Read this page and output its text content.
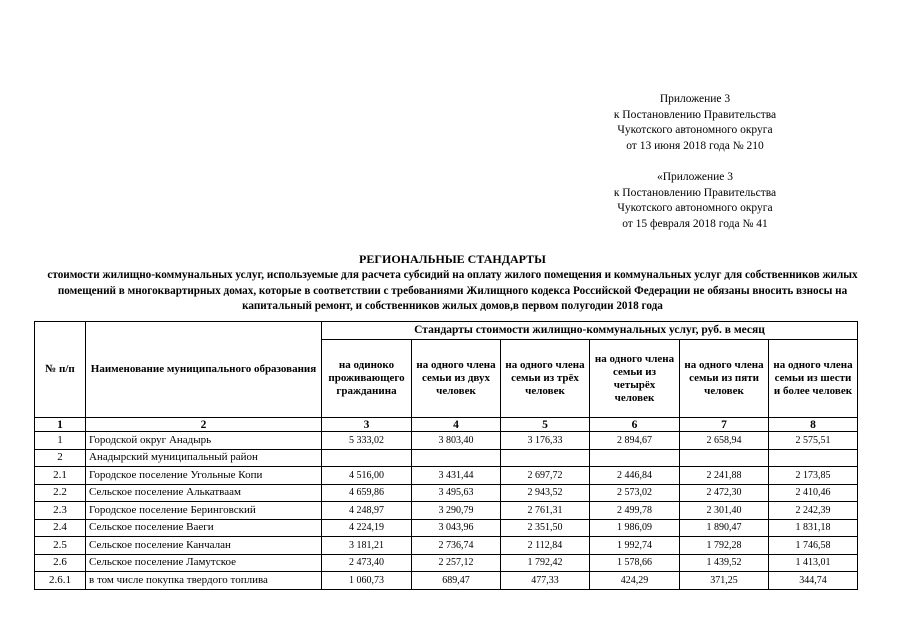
Приложение 3
к Постановлению Правительства
Чукотского автономного округа
от 13 июня 2018 года № 210
«Приложение 3
к Постановлению Правительства
Чукотского автономного округа
от 15 февраля 2018 года № 41
РЕГИОНАЛЬНЫЕ СТАНДАРТЫ
стоимости жилищно-коммунальных услуг, используемые для расчета субсидий на оплату жилого помещения и коммунальных услуг для собственников жилых помещений в многоквартирных домах, которые в соответствии с требованиями Жилищного кодекса Российской Федерации не обязаны вносить взносы на капитальный ремонт, и собственников жилых домов,в первом полугодии 2018 года
№ п/п	Наименование муниципального образования	Стандарты стоимости жилищно-коммунальных услуг, руб. в месяц					
		на одиноко проживающего гражданина	на одного члена семьи из двух человек	на одного члена семьи из трёх человек	на одного члена семьи из четырёх человек	на одного члена семьи из пяти человек	на одного члена семьи из шести и более человек
1	2	3	4	5	6	7	8
1	Городской округ Анадырь	5 333,02	3 803,40	3 176,33	2 894,67	2 658,94	2 575,51
2	Анадырский муниципальный район						
2.1	Городское поселение Угольные Копи	4 516,00	3 431,44	2 697,72	2 446,84	2 241,88	2 173,85
2.2	Сельское поселение Алькатваам	4 659,86	3 495,63	2 943,52	2 573,02	2 472,30	2 410,46
2.3	Городское поселение Беринговский	4 248,97	3 290,79	2 761,31	2 499,78	2 301,40	2 242,39
2.4	Сельское поселение Ваеги	4 224,19	3 043,96	2 351,50	1 986,09	1 890,47	1 831,18
2.5	Сельское поселение Канчалан	3 181,21	2 736,74	2 112,84	1 992,74	1 792,28	1 746,58
2.6	Сельское поселение Ламутское	2 473,40	2 257,12	1 792,42	1 578,66	1 439,52	1 413,01
2.6.1	в том числе покупка твердого топлива	1 060,73	689,47	477,33	424,29	371,25	344,74
